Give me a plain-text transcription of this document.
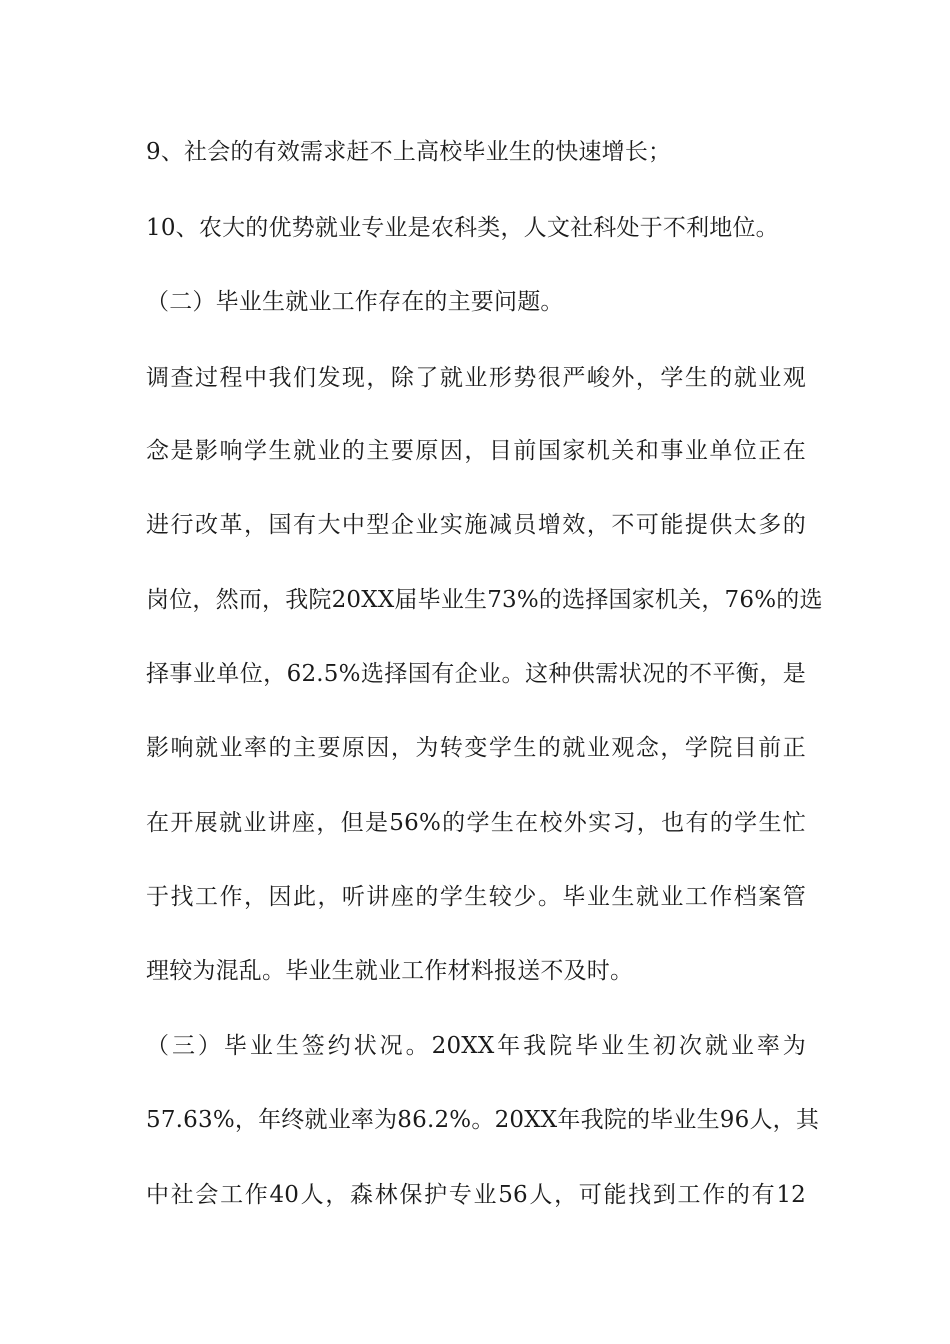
9、社会的有效需求赶不上高校毕业生的快速增长；
10、农大的优势就业专业是农科类，人文社科处于不利地位。
（二）毕业生就业工作存在的主要问题。
调查过程中我们发现，除了就业形势很严峻外，学生的就业观
念是影响学生就业的主要原因，目前国家机关和事业单位正在
进行改革，国有大中型企业实施减员增效，不可能提供太多的
岗位，然而，我院20XX届毕业生73%的选择国家机关，76%的选
择事业单位，62.5%选择国有企业。这种供需状况的不平衡，是
影响就业率的主要原因，为转变学生的就业观念，学院目前正
在开展就业讲座，但是56%的学生在校外实习，也有的学生忙
于找工作，因此，听讲座的学生较少。毕业生就业工作档案管
理较为混乱。毕业生就业工作材料报送不及时。
（三）毕业生签约状况。20XX年我院毕业生初次就业率为
57.63%，年终就业率为86.2%。20XX年我院的毕业生96人，其
中社会工作40人，森林保护专业56人，可能找到工作的有12
